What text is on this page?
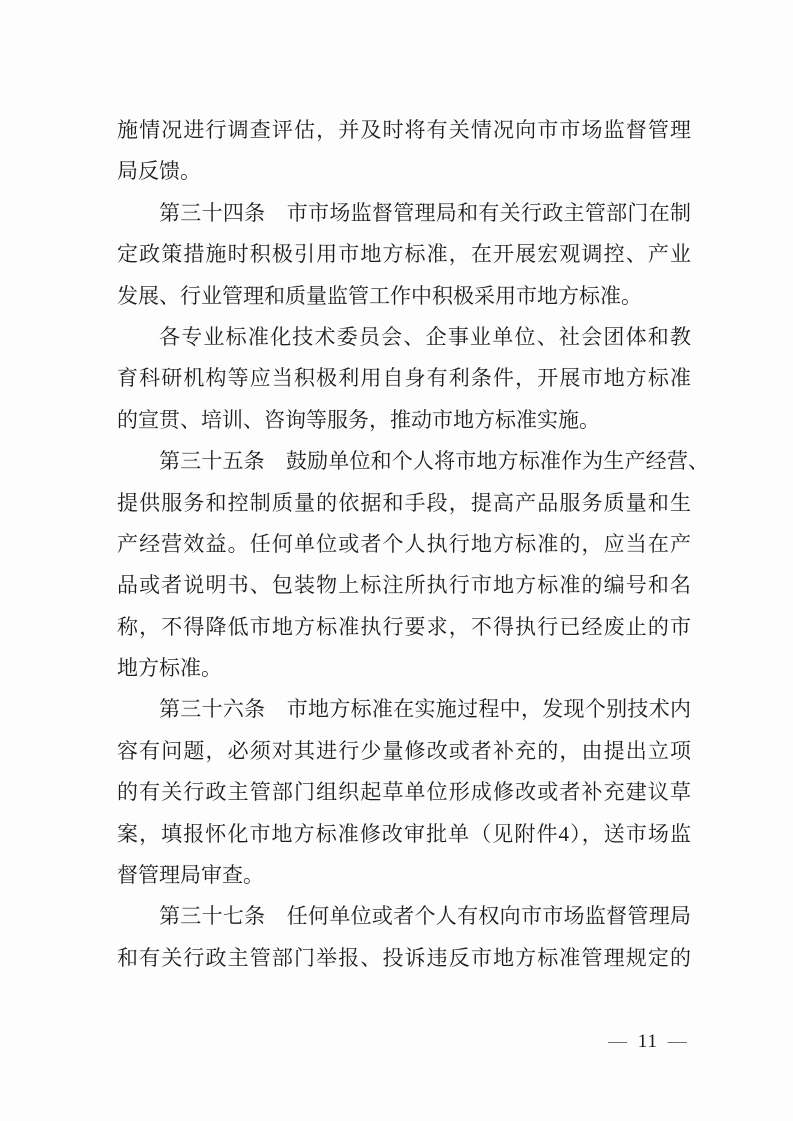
施情况进行调查评估，并及时将有关情况向市市场监督管理
局反馈。
第三十四条　市市场监督管理局和有关行政主管部门在制
定政策措施时积极引用市地方标准，在开展宏观调控、产业
发展、行业管理和质量监管工作中积极采用市地方标准。
各专业标准化技术委员会、企事业单位、社会团体和教
育科研机构等应当积极利用自身有利条件，开展市地方标准
的宣贯、培训、咨询等服务，推动市地方标准实施。
第三十五条　鼓励单位和个人将市地方标准作为生产经营、
提供服务和控制质量的依据和手段，提高产品服务质量和生
产经营效益。任何单位或者个人执行地方标准的，应当在产
品或者说明书、包装物上标注所执行市地方标准的编号和名
称，不得降低市地方标准执行要求，不得执行已经废止的市
地方标准。
第三十六条　市地方标准在实施过程中，发现个别技术内
容有问题，必须对其进行少量修改或者补充的，由提出立项
的有关行政主管部门组织起草单位形成修改或者补充建议草
案，填报怀化市地方标准修改审批单（见附件4），送市场监
督管理局审查。
第三十七条　任何单位或者个人有权向市市场监督管理局
和有关行政主管部门举报、投诉违反市地方标准管理规定的
— 11 —
